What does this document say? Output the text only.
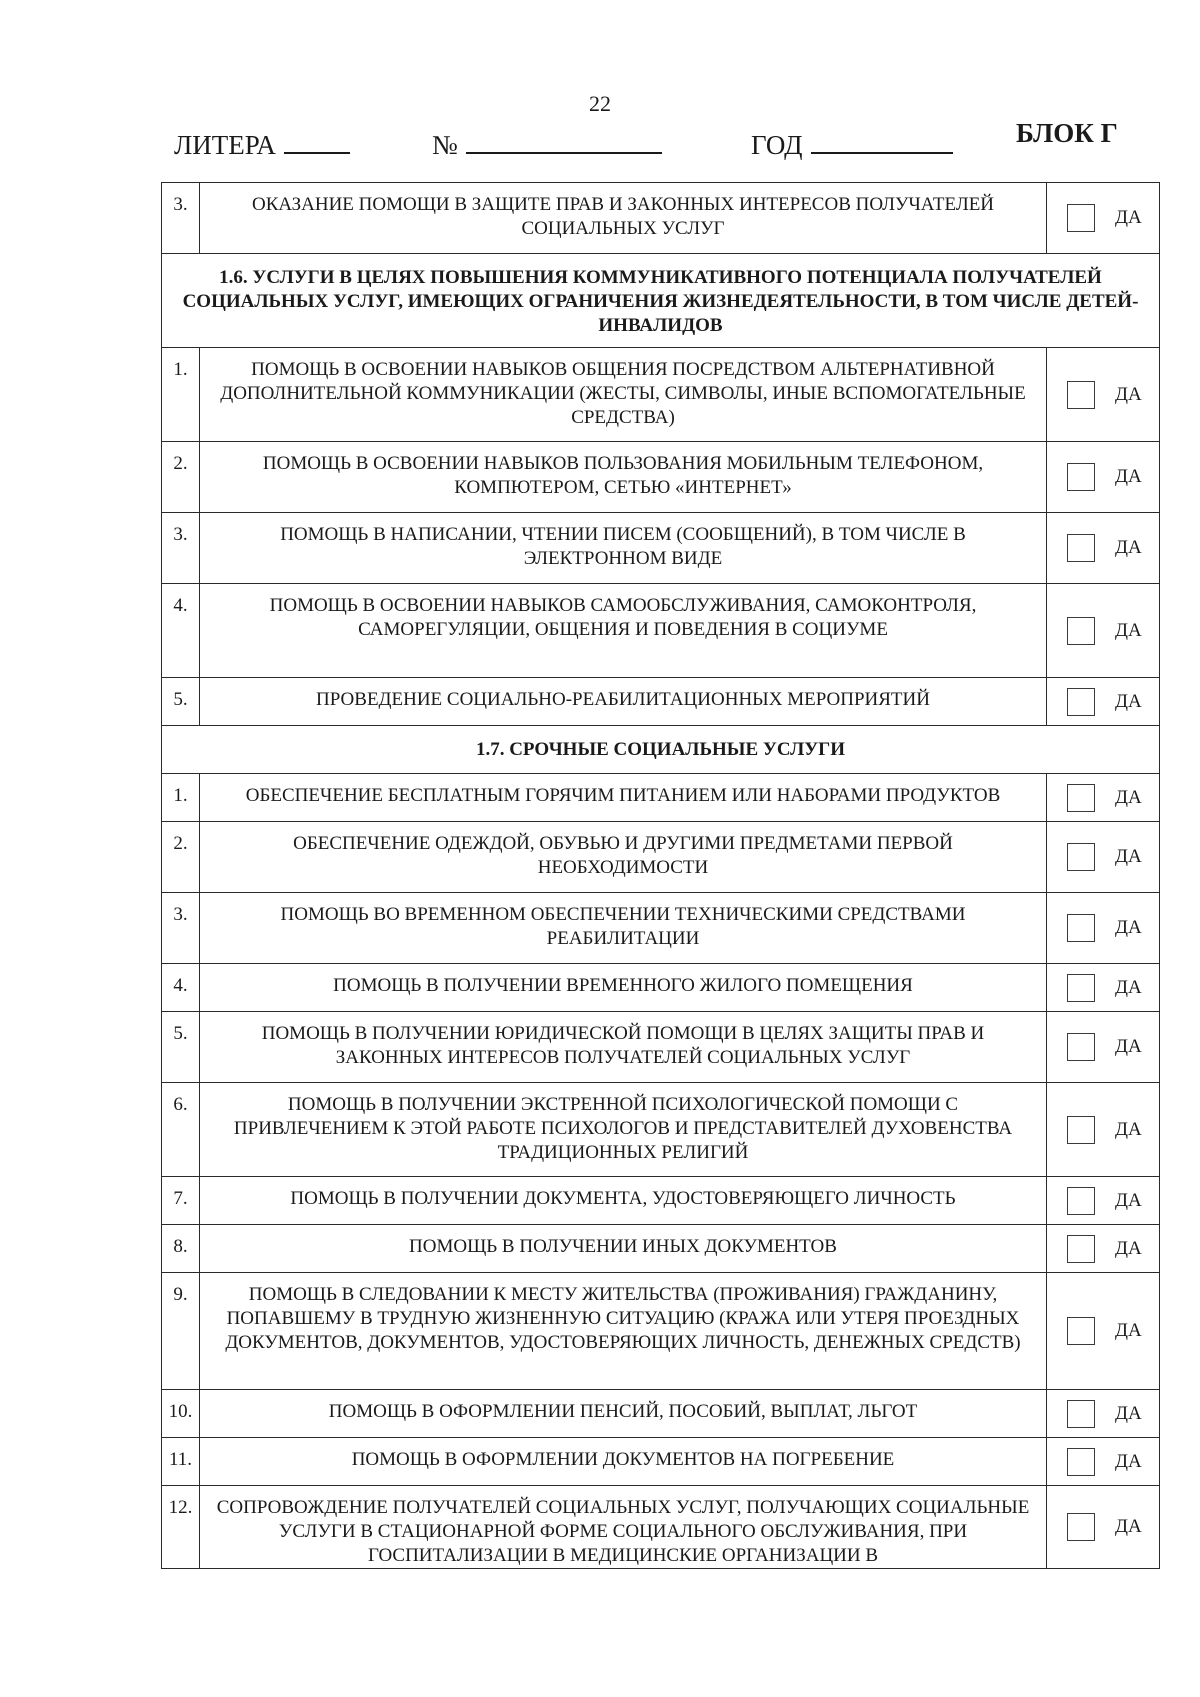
22
ЛИТЕРА	№	ГОД	БЛОК Г
3.	ОКАЗАНИЕ ПОМОЩИ В ЗАЩИТЕ ПРАВ И ЗАКОННЫХ ИНТЕРЕСОВ ПОЛУЧАТЕЛЕЙ СОЦИАЛЬНЫХ УСЛУГ	ДА

1.6. УСЛУГИ В ЦЕЛЯХ ПОВЫШЕНИЯ КОММУНИКАТИВНОГО ПОТЕНЦИАЛА ПОЛУЧАТЕЛЕЙ СОЦИАЛЬНЫХ УСЛУГ, ИМЕЮЩИХ ОГРАНИЧЕНИЯ ЖИЗНЕДЕЯТЕЛЬНОСТИ, В ТОМ ЧИСЛЕ ДЕТЕЙ-ИНВАЛИДОВ		
1.	ПОМОЩЬ В ОСВОЕНИИ НАВЫКОВ ОБЩЕНИЯ ПОСРЕДСТВОМ АЛЬТЕРНАТИВНОЙ ДОПОЛНИТЕЛЬНОЙ КОММУНИКАЦИИ (ЖЕСТЫ, СИМВОЛЫ, ИНЫЕ ВСПОМОГАТЕЛЬНЫЕ СРЕДСТВА)	ДА

2.	ПОМОЩЬ В ОСВОЕНИИ НАВЫКОВ ПОЛЬЗОВАНИЯ МОБИЛЬНЫМ ТЕЛЕФОНОМ, КОМПЮТЕРОМ, СЕТЬЮ «ИНТЕРНЕТ»	ДА

3.	ПОМОЩЬ В НАПИСАНИИ, ЧТЕНИИ ПИСЕМ (СООБЩЕНИЙ), В ТОМ ЧИСЛЕ В ЭЛЕКТРОННОМ ВИДЕ	ДА

4.	ПОМОЩЬ В ОСВОЕНИИ НАВЫКОВ САМООБСЛУЖИВАНИЯ, САМОКОНТРОЛЯ, САМОРЕГУЛЯЦИИ, ОБЩЕНИЯ И ПОВЕДЕНИЯ В СОЦИУМЕ	ДА

5.	ПРОВЕДЕНИЕ СОЦИАЛЬНО-РЕАБИЛИТАЦИОННЫХ МЕРОПРИЯТИЙ	ДА

1.7. СРОЧНЫЕ СОЦИАЛЬНЫЕ УСЛУГИ		
1.	ОБЕСПЕЧЕНИЕ БЕСПЛАТНЫМ ГОРЯЧИМ ПИТАНИЕМ ИЛИ НАБОРАМИ ПРОДУКТОВ	ДА

2.	ОБЕСПЕЧЕНИЕ ОДЕЖДОЙ, ОБУВЬЮ И ДРУГИМИ ПРЕДМЕТАМИ ПЕРВОЙ НЕОБХОДИМОСТИ	ДА

3.	ПОМОЩЬ ВО ВРЕМЕННОМ ОБЕСПЕЧЕНИИ ТЕХНИЧЕСКИМИ СРЕДСТВАМИ РЕАБИЛИТАЦИИ	ДА

4.	ПОМОЩЬ В ПОЛУЧЕНИИ ВРЕМЕННОГО ЖИЛОГО ПОМЕЩЕНИЯ	ДА

5.	ПОМОЩЬ В ПОЛУЧЕНИИ ЮРИДИЧЕСКОЙ ПОМОЩИ В ЦЕЛЯХ ЗАЩИТЫ ПРАВ И ЗАКОННЫХ ИНТЕРЕСОВ ПОЛУЧАТЕЛЕЙ СОЦИАЛЬНЫХ УСЛУГ	ДА

6.	ПОМОЩЬ В ПОЛУЧЕНИИ ЭКСТРЕННОЙ ПСИХОЛОГИЧЕСКОЙ ПОМОЩИ С ПРИВЛЕЧЕНИЕМ К ЭТОЙ РАБОТЕ ПСИХОЛОГОВ И ПРЕДСТАВИТЕЛЕЙ ДУХОВЕНСТВА ТРАДИЦИОННЫХ РЕЛИГИЙ	ДА

7.	ПОМОЩЬ В ПОЛУЧЕНИИ ДОКУМЕНТА, УДОСТОВЕРЯЮЩЕГО ЛИЧНОСТЬ	ДА

8.	ПОМОЩЬ В ПОЛУЧЕНИИ ИНЫХ ДОКУМЕНТОВ	ДА

9.	ПОМОЩЬ В СЛЕДОВАНИИ К МЕСТУ ЖИТЕЛЬСТВА (ПРОЖИВАНИЯ) ГРАЖДАНИНУ, ПОПАВШЕМУ В ТРУДНУЮ ЖИЗНЕННУЮ СИТУАЦИЮ (КРАЖА ИЛИ УТЕРЯ ПРОЕЗДНЫХ ДОКУМЕНТОВ, ДОКУМЕНТОВ, УДОСТОВЕРЯЮЩИХ ЛИЧНОСТЬ, ДЕНЕЖНЫХ СРЕДСТВ)	ДА

10.	ПОМОЩЬ В ОФОРМЛЕНИИ ПЕНСИЙ, ПОСОБИЙ, ВЫПЛАТ, ЛЬГОТ	ДА

11.	ПОМОЩЬ В ОФОРМЛЕНИИ ДОКУМЕНТОВ НА ПОГРЕБЕНИЕ	ДА

12.	СОПРОВОЖДЕНИЕ ПОЛУЧАТЕЛЕЙ СОЦИАЛЬНЫХ УСЛУГ, ПОЛУЧАЮЩИХ СОЦИАЛЬНЫЕ УСЛУГИ В СТАЦИОНАРНОЙ ФОРМЕ СОЦИАЛЬНОГО ОБСЛУЖИВАНИЯ, ПРИ ГОСПИТАЛИЗАЦИИ В МЕДИЦИНСКИЕ ОРГАНИЗАЦИИ В	ДА
